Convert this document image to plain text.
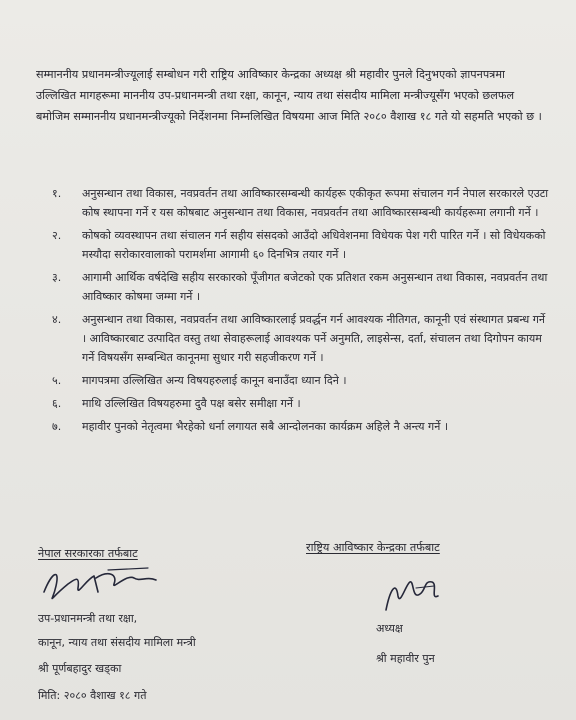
सम्माननीय प्रधानमन्त्रीज्यूलाई सम्बोधन गरी राष्ट्रिय आविष्कार केन्द्रका अध्यक्ष श्री महावीर पुनले दिनुभएको ज्ञापनपत्रमा उल्लिखित मागहरूमा माननीय उप-प्रधानमन्त्री तथा रक्षा, कानून, न्याय तथा संसदीय मामिला मन्त्रीज्यूसँग भएको छलफल बमोजिम सम्माननीय प्रधानमन्त्रीज्यूको निर्देशनमा निम्नलिखित विषयमा आज मिति २०८० वैशाख १८ गते यो सहमति भएको छ ।

१.	अनुसन्धान तथा विकास, नवप्रवर्तन तथा आविष्कारसम्बन्धी कार्यहरू एकीकृत रूपमा संचालन गर्न नेपाल सरकारले एउटा कोष स्थापना गर्ने र यस कोषबाट अनुसन्धान तथा विकास, नवप्रवर्तन तथा आविष्कारसम्बन्धी कार्यहरूमा लगानी गर्ने ।
२.	कोषको व्यवस्थापन तथा संचालन गर्न सहीय संसदको आउँदो अधिवेशनमा विधेयक पेश गरी पारित गर्ने । सो विधेयकको मस्यौदा सरोकारवालाको परामर्शमा आगामी ६० दिनभित्र तयार गर्ने ।
३.	आगामी आर्थिक वर्षदेखि सहीय सरकारको पूँजीगत बजेटको एक प्रतिशत रकम अनुसन्धान तथा विकास, नवप्रवर्तन तथा आविष्कार कोषमा जम्मा गर्ने ।
४.	अनुसन्धान तथा विकास, नवप्रवर्तन तथा आविष्कारलाई प्रवर्द्धन गर्न आवश्यक नीतिगत, कानूनी एवं संस्थागत प्रबन्ध गर्ने । आविष्कारबाट उत्पादित वस्तु तथा सेवाहरूलाई आवश्यक पर्ने अनुमति, लाइसेन्स, दर्ता, संचालन तथा दिगोपन कायम गर्ने विषयसँग सम्बन्धित कानूनमा सुधार गरी सहजीकरण गर्ने ।
५.	मागपत्रमा उल्लिखित अन्य विषयहरुलाई कानून बनाउँदा ध्यान दिने ।
६.	माथि उल्लिखित विषयहरुमा दुवै पक्ष बसेर समीक्षा गर्ने ।
७.	महावीर पुनको नेतृत्वमा भैरहेको धर्ना लगायत सबै आन्दोलनका कार्यक्रम अहिले नै अन्त्य गर्ने ।
नेपाल सरकारका तर्फबाट
उप-प्रधानमन्त्री तथा रक्षा,
कानून, न्याय तथा संसदीय मामिला मन्त्री
श्री पूर्णबहादुर खड्का
राष्ट्रिय आविष्कार केन्द्रका तर्फबाट
अध्यक्ष
श्री महावीर पुन
मिति: २०८० वैशाख १८ गते
